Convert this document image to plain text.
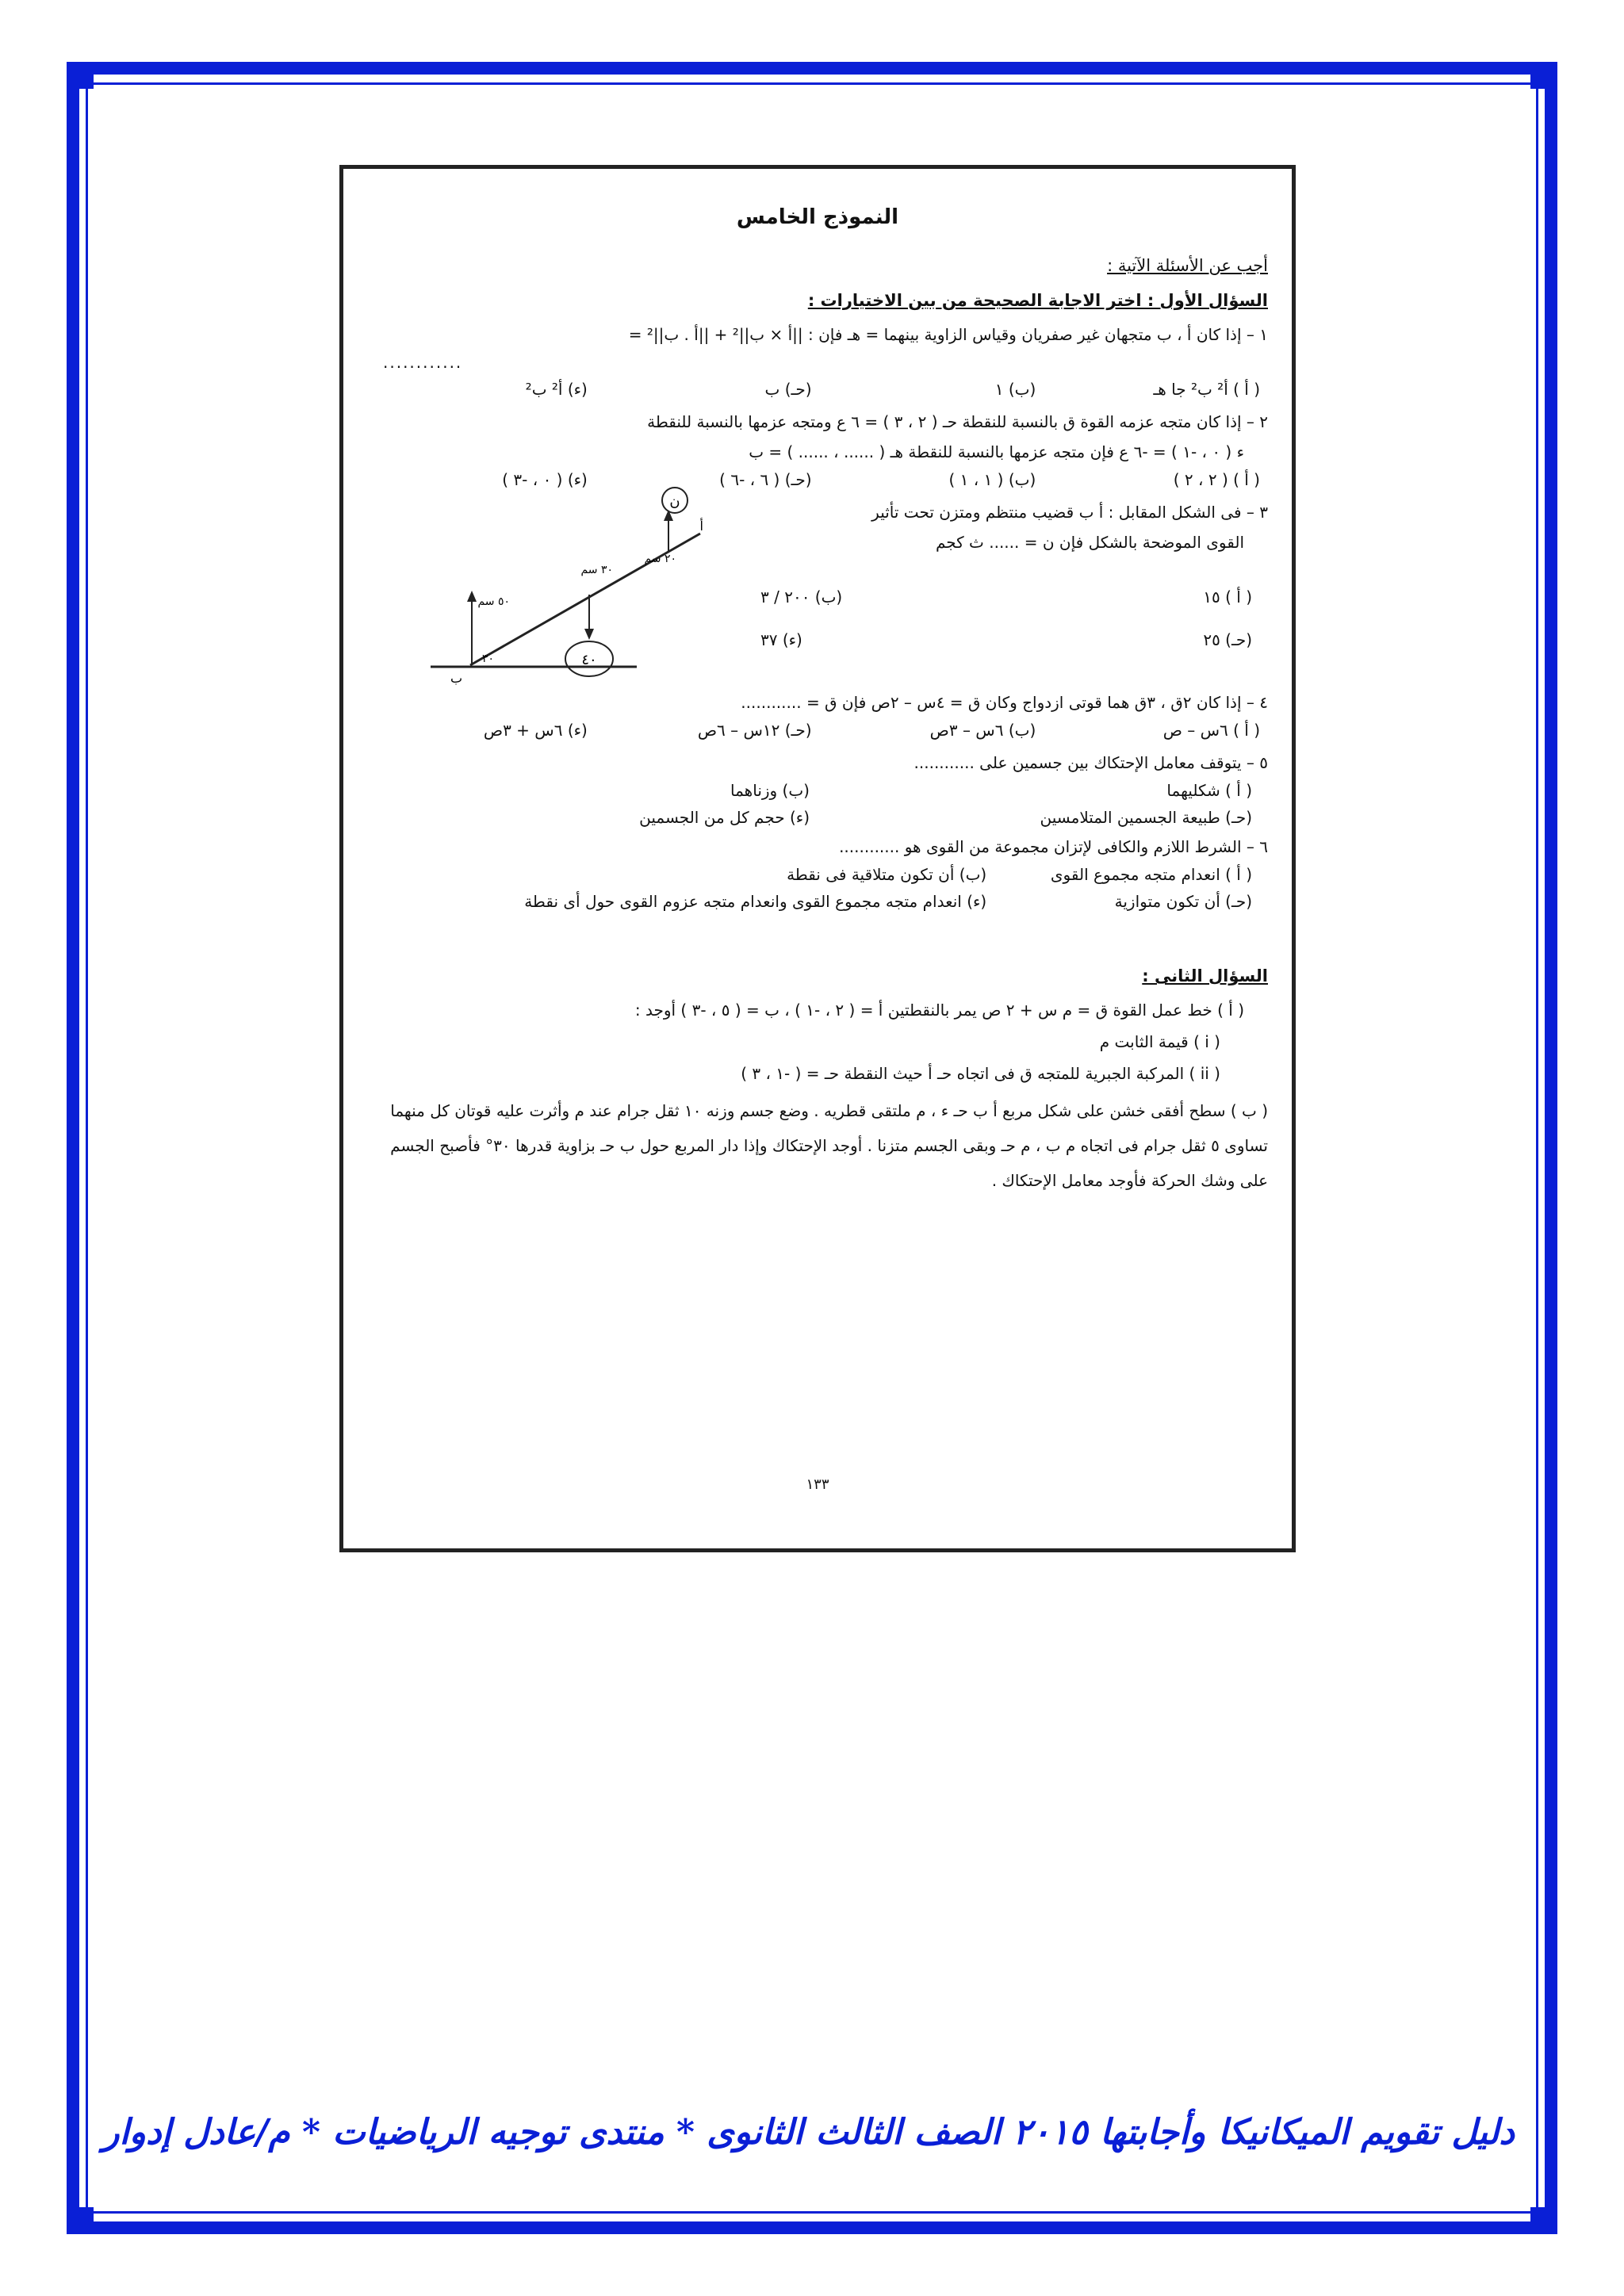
النموذج الخامس
أجب عن الأسئلة الآتية :
السؤال الأول : اختر الاجابة الصحيحة من بين الاختيارات :
١ – إذا كان أ ، ب متجهان غير صفريان وقياس الزاوية بينهما = هـ فإن : ||أ × ب||² + ||أ . ب||² =
............
( أ ) أ² ب² جا هـ
(ب) ١
(حـ) ب
(ء) أ² ب²
٢ – إذا كان متجه عزمه القوة ق بالنسبة للنقطة حـ ( ٢ ، ٣ ) = ٦ ع ومتجه عزمها بالنسبة للنقطة
ء ( ٠ ، -١ ) = -٦ ع فإن متجه عزمها بالنسبة للنقطة هـ ( ...... ، ...... ) = ب
( أ ) ( ٢ ، ٢ )
(ب) ( ١ ، ١ )
(حـ) ( ٦ ، -٦ )
(ء) ( ٠ ، -٣ )
٣ – فى الشكل المقابل : أ ب قضيب منتظم ومتزن تحت تأثير
القوى الموضحة بالشكل فإن ن = ...... ث كجم
( أ ) ١٥
(ب) ٢٠٠ / ٣
(حـ) ٢٥
(ء) ٣٧
ن
٤٠
ب
أ
٣٠
٥٠ سم
٣٠ سم
٢٠ سم
٤ – إذا كان ٢ق ، ٣ق هما قوتى ازدواج وكان ق = ٤س – ٢ص فإن ق = ............
( أ ) ٦س – ص
(ب) ٦س – ٣ص
(حـ) ١٢س – ٦ص
(ء) ٦س + ٣ص
٥ – يتوقف معامل الإحتكاك بين جسمين على ............
( أ ) شكليهما
(ب) وزناهما
(حـ) طبيعة الجسمين المتلامسين
(ء) حجم كل من الجسمين
٦ – الشرط اللازم والكافى لإتزان مجموعة من القوى هو ............
( أ ) انعدام متجه مجموع القوى
(ب) أن تكون متلاقية فى نقطة
(حـ) أن تكون متوازية
(ء) انعدام متجه مجموع القوى وانعدام متجه عزوم القوى حول أى نقطة
السؤال الثانى :
( أ ) خط عمل القوة ق = م س + ٢ ص يمر بالنقطتين أ = ( ٢ ، -١ ) ، ب = ( ٥ ، -٣ ) أوجد :
( i ) قيمة الثابت م
( ii ) المركبة الجبرية للمتجه ق فى اتجاه حـ أ حيث النقطة حـ = ( -١ ، ٣ )
( ب ) سطح أفقى خشن على شكل مربع أ ب حـ ء ، م ملتقى قطريه . وضع جسم وزنه ١٠ ثقل جرام عند م وأثرت عليه قوتان كل منهما تساوى ٥ ثقل جرام فى اتجاه م ب ، م حـ وبقى الجسم متزنا . أوجد الإحتكاك وإذا دار المربع حول ب حـ بزاوية قدرها ٣٠° فأصبح الجسم على وشك الحركة فأوجد معامل الإحتكاك .
١٣٣
دليل تقويم الميكانيكا وأجابتها ٢٠١٥ الصف الثالث الثانوى * منتدى توجيه الرياضيات * م/عادل إدوار
